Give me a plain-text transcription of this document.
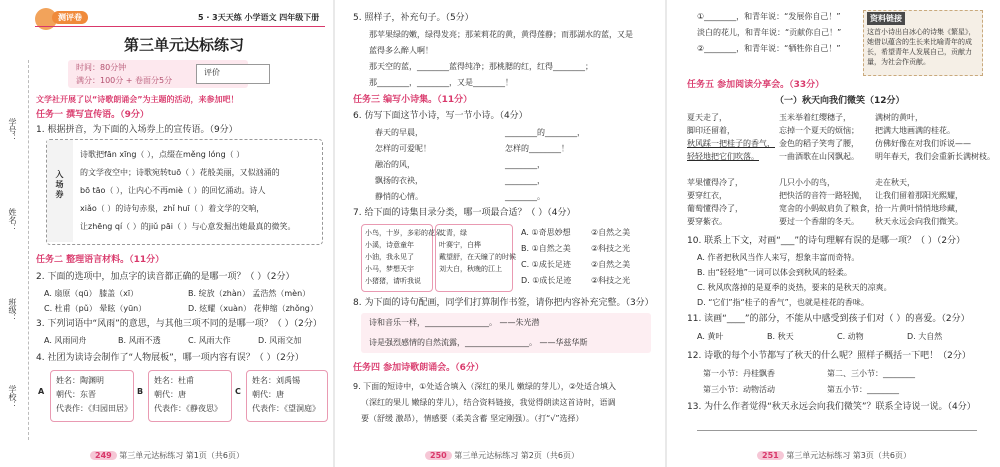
学号：
姓名：
班级：
学校：
测评卷	5 · 3天天练 小学语文 四年级下册
第三单元达标练习
时间：80分钟
满分：100分 + 卷面分5分
评价
文学社开展了以“诗歌朗诵会”为主题的活动，来参加吧！
任务一 撰写宣传语。（9分）
1. 根据拼音，为下面的入场券上的宣传语。（9分）
入场券
诗歌把fān xīng（ ），点缀在měng lóng（ ）
的文学夜空中；诗歌宛转tuō（ ）花般美丽，又似汹涌的
bō tāo（ ），让内心不再miè（ ）的回忆涌动。诗人
xiǎo（ ）的诗句赤泉，zhǐ huī（ ）着文学的交响，
让zhēng qí（ ）的jiǔ pāi（ ）与心意发掘出她最真的微笑。
任务二 整理语言材料。（11分）
2. 下面的选项中，加点字的读音都正确的是哪一项？（ ）（2分）
A. 扇原（qū） 膝盖（xī）	B. 绽放（zhàn） 孟浩然（mèn）
C. 杜甫（pǔ） 晕眩（yūn）	D. 炫耀（xuàn） 花伸缩（zhǒng）
3. 下列词语中“风雨”的意思，与其他三项不同的是哪一项？（ ）（2分）
A. 风雨同舟	B. 风雨不透	C. 风雨大作	D. 风雨交加
4. 社团为读诗会制作了“人物展板”，哪一项内容有误？（ ）（2分）
A
姓名：陶渊明
朝代：东晋
代表作：《归园田居》
B
姓名：杜甫
朝代：唐
代表作：《静夜思》
C
姓名：刘禹锡
朝代：唐
代表作：《望洞庭》
249 第三单元达标练习 第1页（共6页）
5. 照样子，补充句子。（5分）
那苹果绿的嫩，绿得发亮；那茉莉花的黄，黄得莲静；而那湖水的蓝，又是
蓝得多么醉人啊！
那天空的蓝，________蓝得纯净；那桃腮的红，红得________；
那________，________，又是________！
任务三 编写小诗集。（11分）
6. 仿写下面这节小诗，写一节小诗。（4分）
春天的早晨，
怎样的可爱呢！
融冶的风，
飘扬的衣袂，
静悄的心情。
________的________，
怎样的________！
________，
________，
________。
7. 给下面的诗集目录分类，哪一项最合适？（ ）（4分）
小鸟，十岁，多彩的花朵
小溪，诗意童年
小油，我永见了
小马，梦想天宇
小猪猪，请听我说
艾青，绿
叶赛宁，白桦
戴望舒，在天瞳了的时候
刘大白，秋晚的江上
A. ①奇思妙想	②自然之美
B. ①自然之美	②科技之光
C. ①成长足迹	②自然之美
D. ①成长足迹 ②科技之光
8. 为下面的诗句配画，同学们打算制作书签，请你把内容补充完整。（3分）
诗和音乐一样，________________。 ——朱光潜
诗是强烈感情的自然流露，________________。 ——华兹华斯
任务四 参加诗歌朗诵会。（6分）
9. 下面的短诗中，①处适合填入（深红的果儿 嫩绿的芽儿），②处适合填入
（深红的果儿 嫩绿的芽儿），结合资料链接，我觉得朗读这首诗时，语调
要（舒缓 激昂），情感要（柔美含蓄 坚定刚强）。（打“√”选择）
250 第三单元达标练习 第2页（共6页）
①________，和青年说：“发展你自己！”
淡白的花儿，和青年说：“贡献你自己！”
②________，和青年说：“牺牲你自己！”
资料链接
这首小诗出自冰心的诗集《繁星》，她借以蕴含的生长来比喻青年的成长，希望青年人发展自己，贡献力量，为社会作贡献。
任务五 参加阅读分享会。（33分）
（一）秋天向我们微笑（12分）
夏天走了，
脚印还留着，
秋风踩一把桂子的香气，
轻轻地把它们吹落。
苹果懂得冷了，
要穿红衣，
葡萄懂得冷了，
要穿紫衣。
玉米举着红缨穗子，
忘掉一个夏天的烦恼；
金色的稻子笑弯了腰，
一曲酒歌在山冈飘起。
几只小小的鸟，
把快活的音符一路轻抛，
宽舍的小蚂蚁肩负了粮食，
要过一个香甜的冬天。
满树的黄叶，
把满大地画满的桂花。
仿佛好像在对我们诉说——
明年春天，我们会重新长满树枝。
走在秋天，
让我们留着那阳光熙耀，
拾一片黄叶悄悄地珍藏，
秋天永远会向我们微笑。
10. 联系上下文，对画“___”的诗句理解有误的是哪一项？（ ）（2分）
A. 作者把秋风当作人来写，想象丰富而奇特。
B. 由“轻轻地”一词可以体会到秋风的轻柔。
C. 秋风吹落掉的是夏季的炎热，要来的是秋天的凉爽。
D. “它们”指“桂子的香气”，也就是桂花的香味。
11. 读画“____”的部分，不能从中感受到孩子们对（ ）的喜爱。（2分）
A. 黄叶	B. 秋天	C. 动物	D. 大自然
12. 诗歌的每个小节都写了秋天的什么呢？照样子概括一下吧！（2分）
第一小节：丹桂飘香	第二、三小节：________
第三小节：动物活动	第五小节：________
13. 为什么作者觉得“秋天永远会向我们微笑”？联系全诗说一说。（4分）
251 第三单元达标练习 第3页（共6页）
